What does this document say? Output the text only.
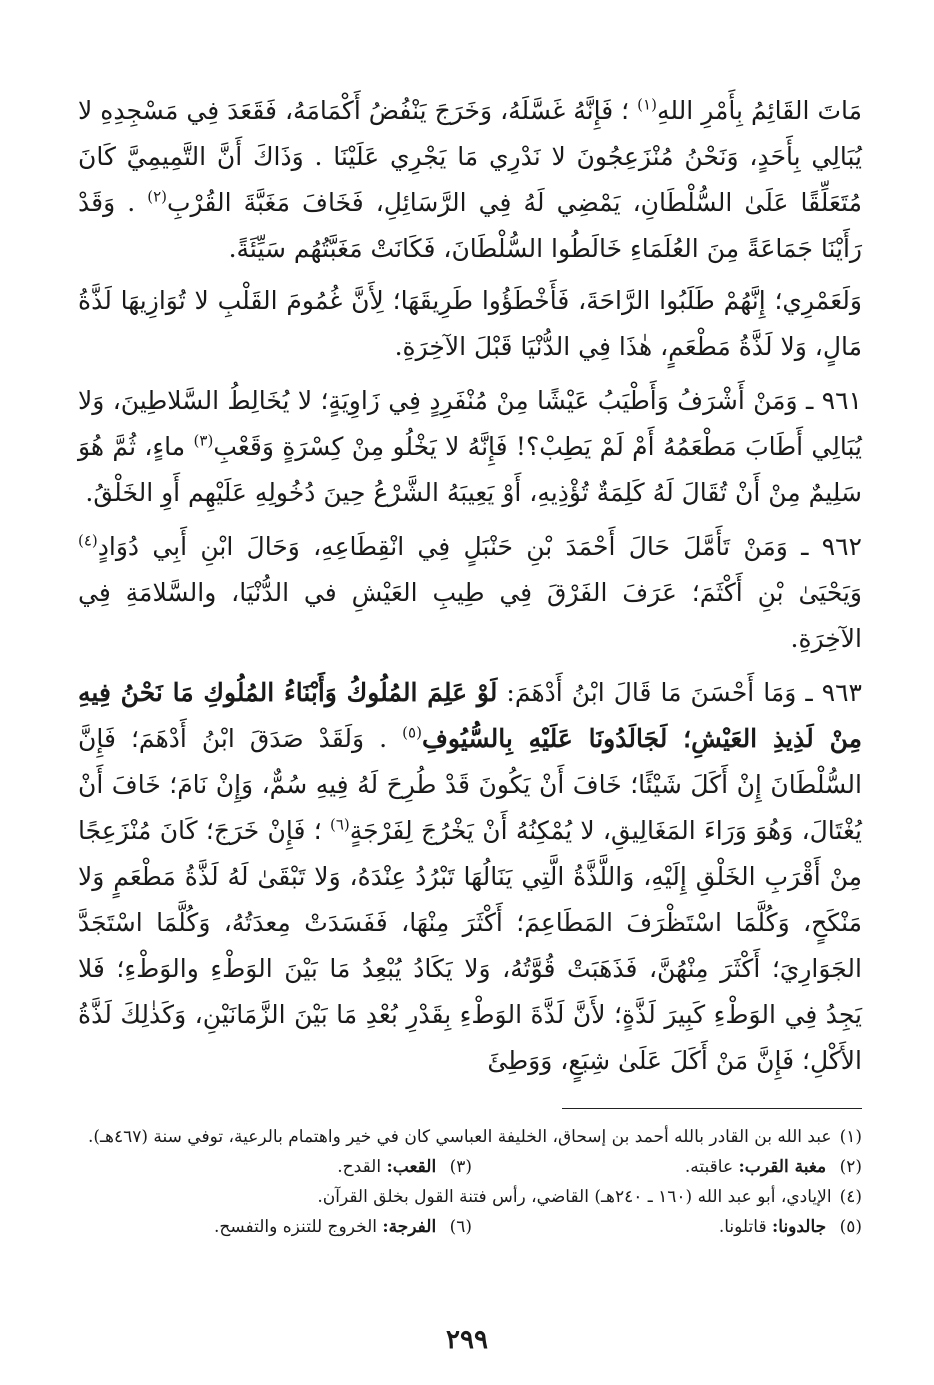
مَاتَ القَائِمُ بِأَمْرِ اللهِ$^{(١)}$ ؛ فَإِنَّهُ غَسَّلَهُ، وَخَرَجَ يَنْفُضُ أَكْمَامَهُ، فَقَعَدَ فِي مَسْجِدِهِ لا يُبَالِي بِأَحَدٍ، وَنَحْنُ مُنْزَعِجُونَ لا نَدْرِي مَا يَجْرِي عَلَيْنَا . وَذَاكَ أَنَّ التَّمِيمِيَّ كَانَ مُتَعَلِّقًا عَلَىٰ السُّلْطَانِ، يَمْضِي لَهُ فِي الرَّسَائِلِ، فَخَافَ مَغَبَّةَ القُرْبِ$^{(٢)}$ . وَقَدْ رَأَيْنَا جَمَاعَةً مِنَ العُلَمَاءِ خَالَطُوا السُّلْطَانَ، فَكَانَتْ مَغَبَّتُهُم سَيِّئَةً.

وَلَعَمْرِي؛ إِنَّهُمْ طَلَبُوا الرَّاحَةَ، فَأَخْطَؤُوا طَرِيقَهَا؛ لِأَنَّ غُمُومَ القَلْبِ لا تُوَازِيهَا لَذَّةُ مَالٍ، وَلا لَذَّةُ مَطْعَمٍ، هٰذَا فِي الدُّنْيَا قَبْلَ الآخِرَةِ.

٩٦١ ـ وَمَنْ أَشْرَفُ وَأَطْيَبُ عَيْشًا مِنْ مُنْفَرِدٍ فِي زَاوِيَةٍ؛ لا يُخَالِطُ السَّلاطِينَ، وَلا يُبَالِي أَطَابَ مَطْعَمُهُ أَمْ لَمْ يَطِبْ؟! فَإِنَّهُ لا يَخْلُو مِنْ كِسْرَةٍ وَقَعْبِ$^{(٣)}$ ماءٍ، ثُمَّ هُوَ سَلِيمٌ مِنْ أَنْ تُقَالَ لَهُ كَلِمَةٌ تُؤْذِيهِ، أَوْ يَعِيبَهُ الشَّرْعُ حِينَ دُخُولِهِ عَلَيْهِم أَوِ الخَلْقُ.

٩٦٢ ـ وَمَنْ تَأَمَّلَ حَالَ أَحْمَدَ بْنِ حَنْبَلٍ فِي انْقِطَاعِهِ، وَحَالَ ابْنِ أَبِي دُوَادٍ$^{(٤)}$ وَيَحْيَىٰ بْنِ أَكْثَمَ؛ عَرَفَ الفَرْقَ فِي طِيبِ العَيْشِ في الدُّنْيَا، والسَّلامَةِ فِي الآخِرَةِ.

٩٦٣ ـ وَمَا أَحْسَنَ مَا قَالَ ابْنُ أَدْهَمَ: لَوْ عَلِمَ المُلُوكُ وَأَبْنَاءُ المُلُوكِ مَا نَحْنُ فِيهِ مِنْ لَذِيذِ العَيْشِ؛ لَجَالَدُونَا عَلَيْهِ بِالسُّيُوفِ$^{(٥)}$ . وَلَقَدْ صَدَقَ ابْنُ أَدْهَمَ؛ فَإِنَّ السُّلْطَانَ إِنْ أَكَلَ شَيْئًا؛ خَافَ أَنْ يَكُونَ قَدْ طُرِحَ لَهُ فِيهِ سُمٌّ، وَإِنْ نَامَ؛ خَافَ أَنْ يُغْتَالَ، وَهُوَ وَرَاءَ المَغَالِيقِ، لا يُمْكِنُهُ أَنْ يَخْرُجَ لِفَرْجَةٍ$^{(٦)}$ ؛ فَإِنْ خَرَجَ؛ كَانَ مُنْزَعِجًا مِنْ أَقْرَبِ الخَلْقِ إِلَيْهِ، وَاللَّذَّةُ الَّتِي يَنَالُهَا تَبْرُدُ عِنْدَهُ، وَلا تَبْقَىٰ لَهُ لَذَّةُ مَطْعَمٍ وَلا مَنْكَحٍ، وَكُلَّمَا اسْتَظْرَفَ المَطَاعِمَ؛ أَكْثَرَ مِنْهَا، فَفَسَدَتْ مِعدَتُهُ، وَكُلَّمَا اسْتَجَدَّ الجَوَارِيَ؛ أَكْثَرَ مِنْهُنَّ، فَذَهَبَتْ قُوَّتُهُ، وَلا يَكَادُ يُبْعِدُ مَا بَيْنَ الوَطْءِ والوَطْءِ؛ فَلا يَجِدُ فِي الوَطْءِ كَبِيرَ لَذَّةٍ؛ لأَنَّ لَذَّةَ الوَطْءِ بِقَدْرِ بُعْدِ مَا بَيْنَ الزَّمَانَيْنِ، وَكَذٰلِكَ لَذَّةُ الأَكْلِ؛ فَإِنَّ مَنْ أَكَلَ عَلَىٰ شِبَعٍ، وَوَطِئَ

(١)
عبد الله بن القادر بالله أحمد بن إسحاق، الخليفة العباسي كان في خير واهتمام بالرعية، توفي سنة (٤٦٧هـ).
(٢) مغبة القرب: عاقبته.
(٣) القعب: القدح.
(٤)
الإيادي، أبو عبد الله (١٦٠ ـ ٢٤٠هـ) القاضي، رأس فتنة القول بخلق القرآن.
(٥) جالدونا: قاتلونا.
(٦) الفرجة: الخروج للتنزه والتفسح.
٢٩٩
